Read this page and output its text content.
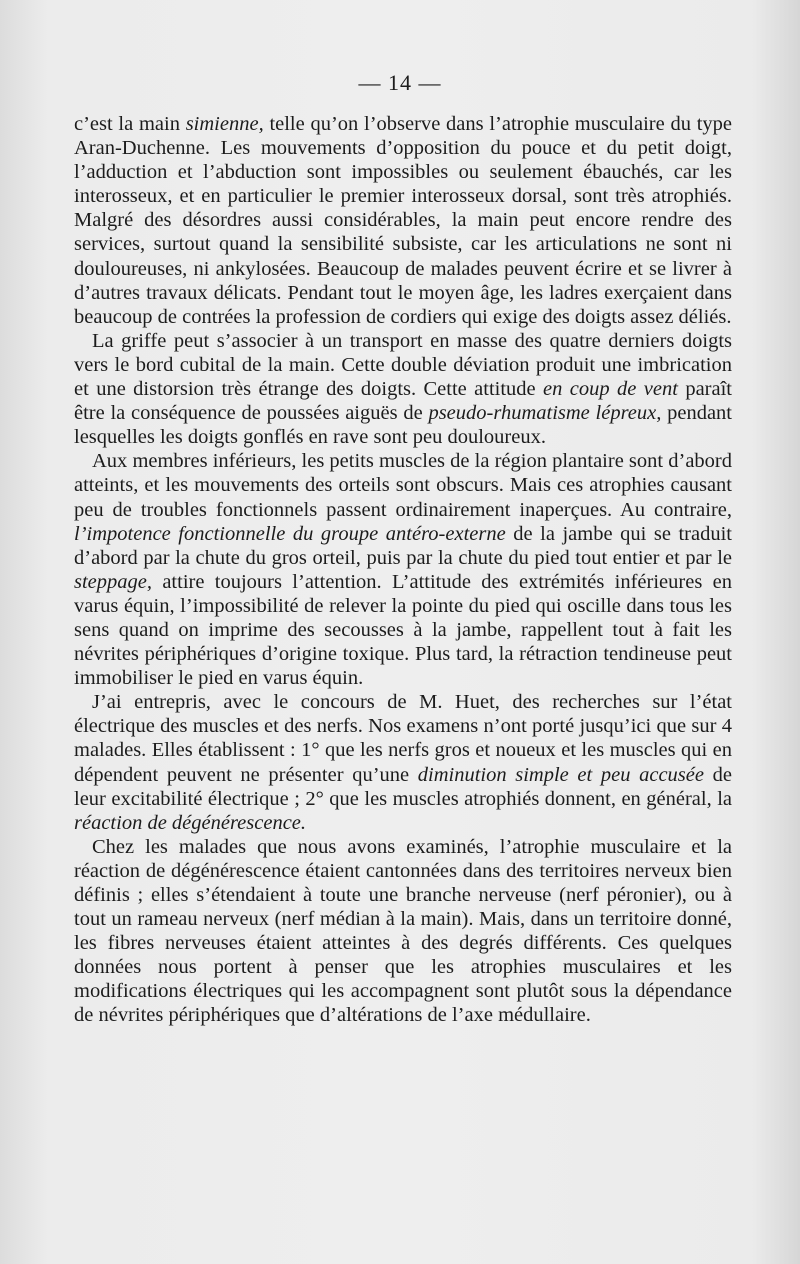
— 14 —

c’est la main simienne, telle qu’on l’observe dans l’atrophie musculaire du type Aran-Duchenne. Les mouvements d’opposition du pouce et du petit doigt, l’adduction et l’abduction sont impossibles ou seulement ébauchés, car les interosseux, et en particulier le premier interosseux dorsal, sont très atrophiés. Malgré des désordres aussi considérables, la main peut encore rendre des services, surtout quand la sensibilité subsiste, car les articulations ne sont ni douloureuses, ni ankylosées. Beaucoup de malades peuvent écrire et se livrer à d’autres travaux délicats. Pendant tout le moyen âge, les ladres exerçaient dans beaucoup de contrées la profession de cordiers qui exige des doigts assez déliés.

La griffe peut s’associer à un transport en masse des quatre derniers doigts vers le bord cubital de la main. Cette double déviation produit une imbrication et une distorsion très étrange des doigts. Cette attitude en coup de vent paraît être la conséquence de poussées aiguës de pseudo-rhumatisme lépreux, pendant lesquelles les doigts gonflés en rave sont peu douloureux.

Aux membres inférieurs, les petits muscles de la région plantaire sont d’abord atteints, et les mouvements des orteils sont obscurs. Mais ces atrophies causant peu de troubles fonctionnels passent ordinairement inaperçues. Au contraire, l’impotence fonctionnelle du groupe antéro-externe de la jambe qui se traduit d’abord par la chute du gros orteil, puis par la chute du pied tout entier et par le steppage, attire toujours l’attention. L’attitude des extrémités inférieures en varus équin, l’impossibilité de relever la pointe du pied qui oscille dans tous les sens quand on imprime des secousses à la jambe, rappellent tout à fait les névrites périphériques d’origine toxique. Plus tard, la rétraction tendineuse peut immobiliser le pied en varus équin.

J’ai entrepris, avec le concours de M. Huet, des recherches sur l’état électrique des muscles et des nerfs. Nos examens n’ont porté jusqu’ici que sur 4 malades. Elles établissent : 1° que les nerfs gros et noueux et les muscles qui en dépendent peuvent ne présenter qu’une diminution simple et peu accusée de leur excitabilité électrique ; 2° que les muscles atrophiés donnent, en général, la réaction de dégénérescence.

Chez les malades que nous avons examinés, l’atrophie musculaire et la réaction de dégénérescence étaient cantonnées dans des territoires nerveux bien définis ; elles s’étendaient à toute une branche nerveuse (nerf péronier), ou à tout un rameau nerveux (nerf médian à la main). Mais, dans un territoire donné, les fibres nerveuses étaient atteintes à des degrés différents. Ces quelques données nous portent à penser que les atrophies musculaires et les modifications électriques qui les accompagnent sont plutôt sous la dépendance de névrites périphériques que d’altérations de l’axe médullaire.
